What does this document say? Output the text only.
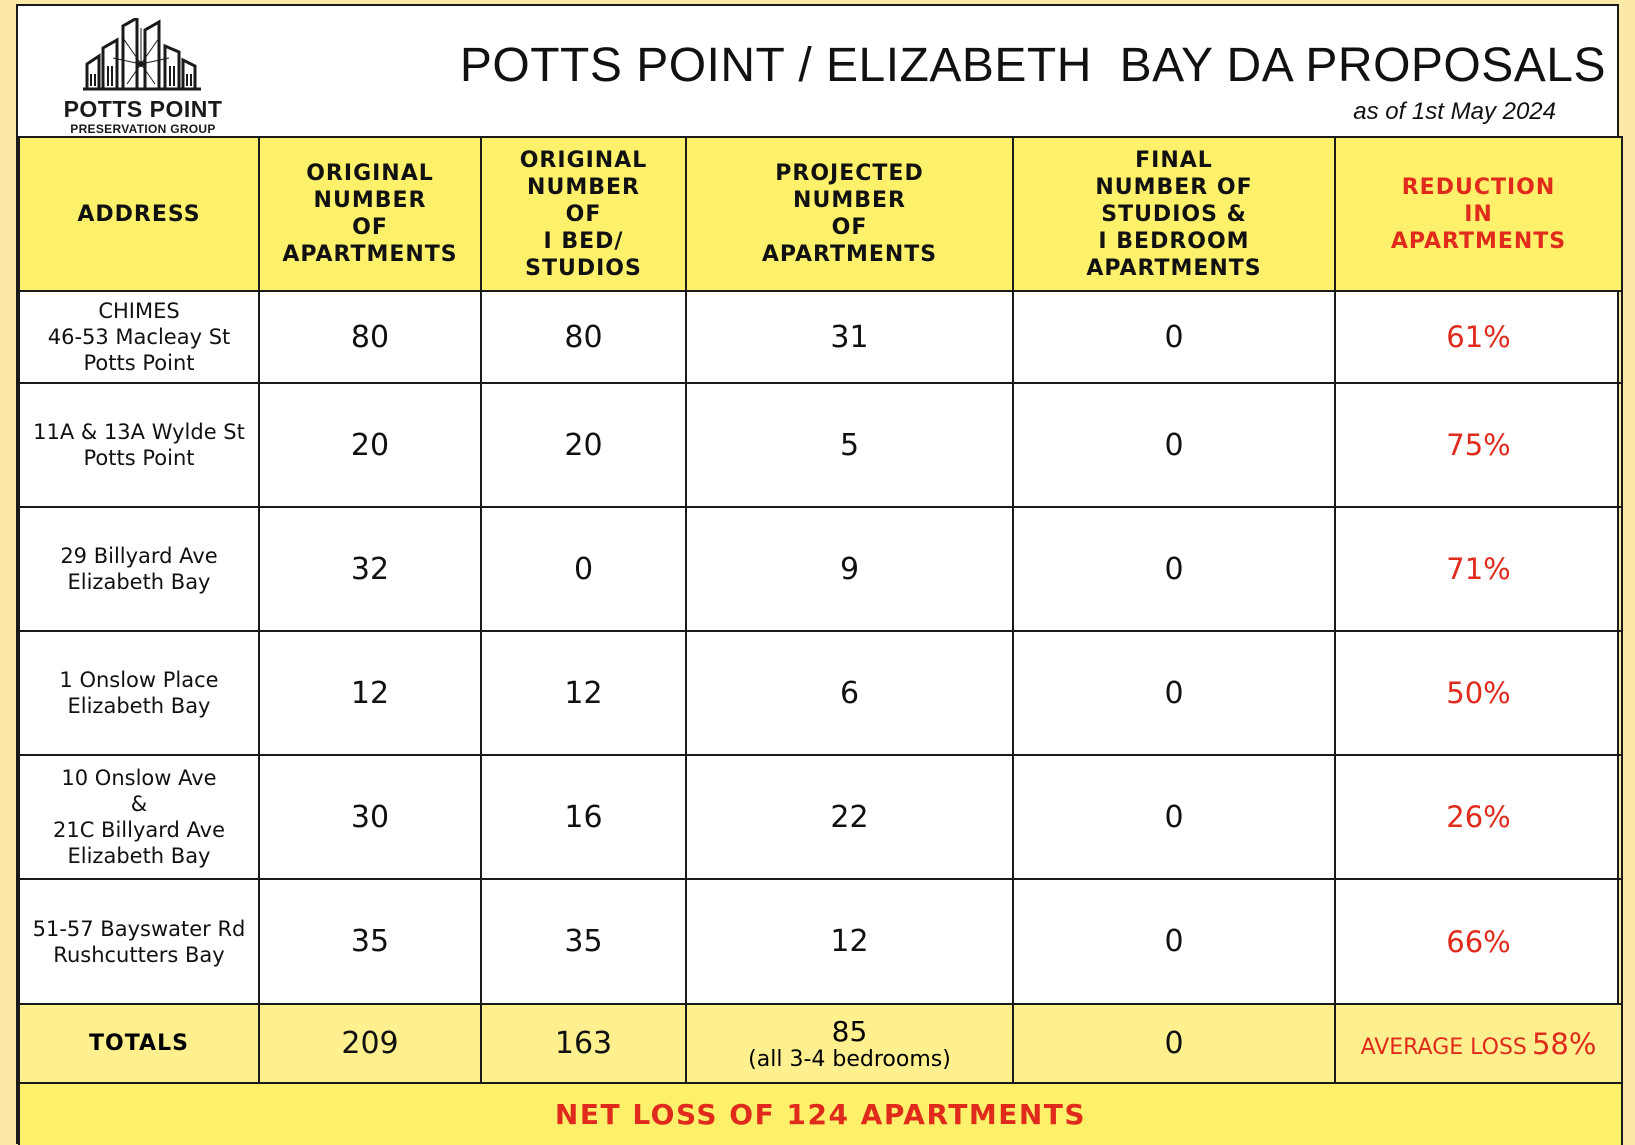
POTTS POINT
PRESERVATION GROUP
POTTS POINT / ELIZABETH  BAY DA PROPOSALS
as of 1st May 2024
ADDRESS	ORIGINAL
NUMBER
OF
APARTMENTS	ORIGINAL
NUMBER
OF
I BED/
STUDIOS	PROJECTED
NUMBER
OF
APARTMENTS	FINAL
NUMBER OF
STUDIOS &
I BEDROOM
APARTMENTS	REDUCTION
IN
APARTMENTS
CHIMES
46-53 Macleay St
Potts Point	80	80	31	0	61%
11A & 13A Wylde St
Potts Point	20	20	5	0	75%
29 Billyard Ave
Elizabeth Bay	32	0	9	0	71%
1 Onslow Place
Elizabeth Bay	12	12	6	0	50%
10 Onslow Ave
&
21C Billyard Ave
Elizabeth Bay	30	16	22	0	26%
51-57 Bayswater Rd
Rushcutters Bay	35	35	12	0	66%
TOTALS	209	163	85
(all 3-4 bedrooms)	0	AVERAGE LOSS 58%
NET LOSS OF 124 APARTMENTS					
